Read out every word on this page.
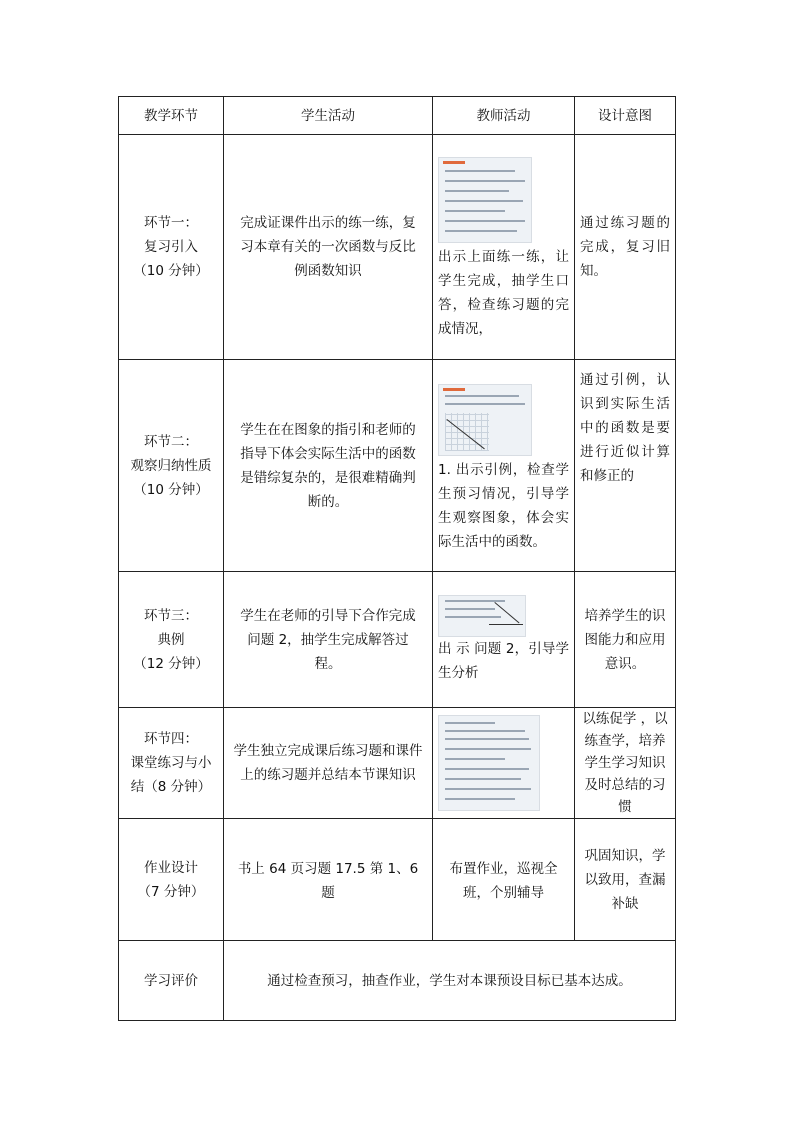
教学环节	学生活动	教师活动	设计意图
环节一：
复习引入
（10 分钟）	完成证课件出示的练一练，复习本章有关的一次函数与反比例函数知识	出示上面练一练，让学生完成，抽学生口答，检查练习题的完成情况，	通过练习题的完成，复习旧知。
环节二：
观察归纳性质
（10 分钟）	学生在在图象的指引和老师的指导下体会实际生活中的函数是错综复杂的，是很难精确判断的。	1. 出示引例，检查学生预习情况，引导学生观察图象，体会实际生活中的函数。	通过引例，认识到实际生活中的函数是要进行近似计算和修正的
环节三：
典例
（12 分钟）	学生在老师的引导下合作完成问题 2，抽学生完成解答过程。	出 示 问题 2，引导学生分析	培养学生的识图能力和应用意识。
环节四：
课堂练习与小结（8 分钟）	学生独立完成课后练习题和课件上的练习题并总结本节课知识		以练促学 ，以练查学，培养学生学习知识及时总结的习惯
作业设计
（7 分钟）	书上 64 页习题 17.5 第 1、6 题	布置作业，巡视全班，个别辅导	巩固知识，学以致用，查漏补缺
学习评价	通过检查预习，抽查作业，学生对本课预设目标已基本达成。		
